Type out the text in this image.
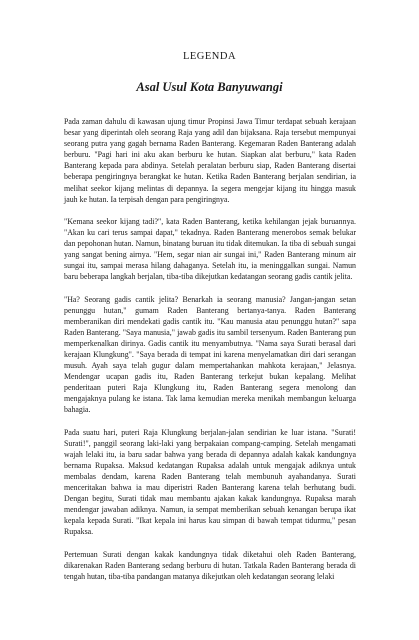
LEGENDA
Asal Usul Kota Banyuwangi

Pada zaman dahulu di kawasan ujung timur Propinsi Jawa Timur terdapat sebuah kerajaan besar yang diperintah oleh seorang Raja yang adil dan bijaksana. Raja tersebut mempunyai seorang putra yang gagah bernama Raden Banterang. Kegemaran Raden Banterang adalah berburu. "Pagi hari ini aku akan berburu ke hutan. Siapkan alat berburu," kata Raden Banterang kepada para abdinya. Setelah peralatan berburu siap, Raden Banterang disertai beberapa pengiringnya berangkat ke hutan. Ketika Raden Banterang berjalan sendirian, ia melihat seekor kijang melintas di depannya. Ia segera mengejar kijang itu hingga masuk jauh ke hutan. Ia terpisah dengan para pengiringnya.

"Kemana seekor kijang tadi?", kata Raden Banterang, ketika kehilangan jejak buruannya. "Akan ku cari terus sampai dapat," tekadnya. Raden Banterang menerobos semak belukar dan pepohonan hutan. Namun, binatang buruan itu tidak ditemukan. Ia tiba di sebuah sungai yang sangat bening airnya. "Hem, segar nian air sungai ini," Raden Banterang minum air sungai itu, sampai merasa hilang dahaganya. Setelah itu, ia meninggalkan sungai. Namun baru beberapa langkah berjalan, tiba-tiba dikejutkan kedatangan seorang gadis cantik jelita.

"Ha? Seorang gadis cantik jelita? Benarkah ia seorang manusia? Jangan-jangan setan penunggu hutan," gumam Raden Banterang bertanya-tanya. Raden Banterang memberanikan diri mendekati gadis cantik itu. "Kau manusia atau penunggu hutan?" sapa Raden Banterang. "Saya manusia," jawab gadis itu sambil tersenyum. Raden Banterang pun memperkenalkan dirinya. Gadis cantik itu menyambutnya. "Nama saya Surati berasal dari kerajaan Klungkung". "Saya berada di tempat ini karena menyelamatkan diri dari serangan musuh. Ayah saya telah gugur dalam mempertahankan mahkota kerajaan," Jelasnya. Mendengar ucapan gadis itu, Raden Banterang terkejut bukan kepalang. Melihat penderitaan puteri Raja Klungkung itu, Raden Banterang segera menolong dan mengajaknya pulang ke istana. Tak lama kemudian mereka menikah membangun keluarga bahagia.

Pada suatu hari, puteri Raja Klungkung berjalan-jalan sendirian ke luar istana. "Surati! Surati!", panggil seorang laki-laki yang berpakaian compang-camping. Setelah mengamati wajah lelaki itu, ia baru sadar bahwa yang berada di depannya adalah kakak kandungnya bernama Rupaksa. Maksud kedatangan Rupaksa adalah untuk mengajak adiknya untuk membalas dendam, karena Raden Banterang telah membunuh ayahandanya. Surati menceritakan bahwa ia mau diperistri Raden Banterang karena telah berhutang budi. Dengan begitu, Surati tidak mau membantu ajakan kakak kandungnya. Rupaksa marah mendengar jawaban adiknya. Namun, ia sempat memberikan sebuah kenangan berupa ikat kepala kepada Surati. "Ikat kepala ini harus kau simpan di bawah tempat tidurmu," pesan Rupaksa.

Pertemuan Surati dengan kakak kandungnya tidak diketahui oleh Raden Banterang, dikarenakan Raden Banterang sedang berburu di hutan. Tatkala Raden Banterang berada di tengah hutan, tiba-tiba pandangan matanya dikejutkan oleh kedatangan seorang lelaki
